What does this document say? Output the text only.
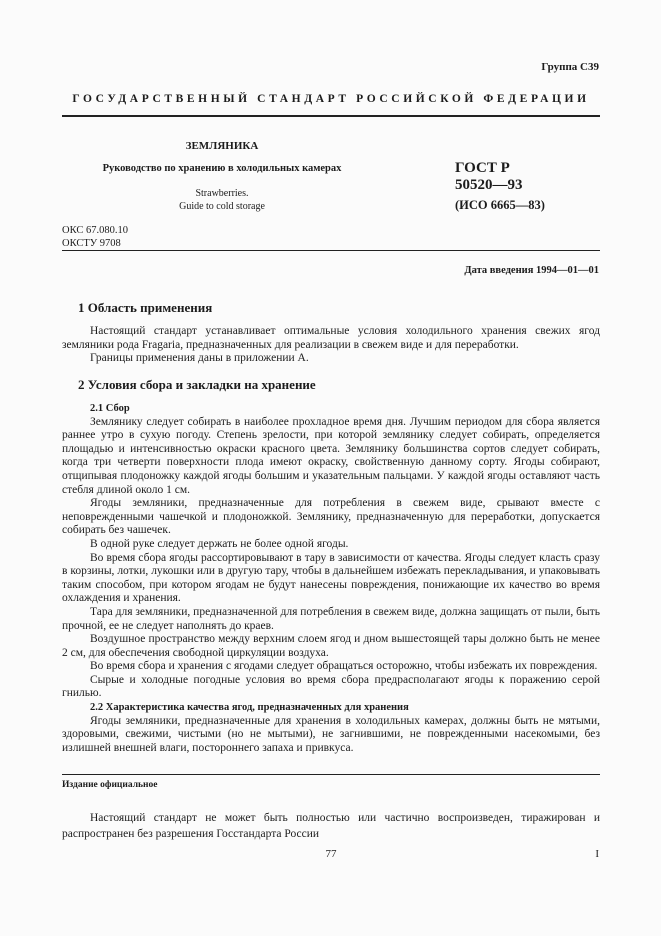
Группа С39
ГОСУДАРСТВЕННЫЙ СТАНДАРТ РОССИЙСКОЙ ФЕДЕРАЦИИ
ЗЕМЛЯНИКА
Руководство по хранению в холодильных камерах
Strawberries.
Guide to cold storage
ГОСТ Р
50520—93
(ИСО 6665—83)
ОКС 67.080.10
ОКСТУ 9708
Дата введения 1994—01—01
1 Область применения

Настоящий стандарт устанавливает оптимальные условия холодильного хранения свежих ягод земляники рода Fragaria, предназначенных для реализации в свежем виде и для переработки.

Границы применения даны в приложении А.

2 Условия сбора и закладки на хранение

2.1 Сбор

Землянику следует собирать в наиболее прохладное время дня. Лучшим периодом для сбора является раннее утро в сухую погоду. Степень зрелости, при которой землянику следует собирать, определяется площадью и интенсивностью окраски красного цвета. Землянику большинства сортов следует собирать, когда три четверти поверхности плода имеют окраску, свойственную данному сорту. Ягоды собирают, отщипывая плодоножку каждой ягоды большим и указательным пальцами. У каждой ягоды оставляют часть стебля длиной около 1 см.

Ягоды земляники, предназначенные для потребления в свежем виде, срывают вместе с неповрежденными чашечкой и плодоножкой. Землянику, предназначенную для переработки, допускается собирать без чашечек.

В одной руке следует держать не более одной ягоды.

Во время сбора ягоды рассортировывают в тару в зависимости от качества. Ягоды следует класть сразу в корзины, лотки, лукошки или в другую тару, чтобы в дальнейшем избежать перекладывания, и упаковывать таким способом, при котором ягодам не будут нанесены повреждения, понижающие их качество во время охлаждения и хранения.

Тара для земляники, предназначенной для потребления в свежем виде, должна защищать от пыли, быть прочной, ее не следует наполнять до краев.

Воздушное пространство между верхним слоем ягод и дном вышестоящей тары должно быть не менее 2 см, для обеспечения свободной циркуляции воздуха.

Во время сбора и хранения с ягодами следует обращаться осторожно, чтобы избежать их повреждения.

Сырые и холодные погодные условия во время сбора предрасполагают ягоды к поражению серой гнилью.

2.2 Характеристика качества ягод, предназначенных для хранения

Ягоды земляники, предназначенные для хранения в холодильных камерах, должны быть не мятыми, здоровыми, свежими, чистыми (но не мытыми), не загнившими, не поврежденными насекомыми, без излишней внешней влаги, постороннего запаха и привкуса.

Издание официальное

Настоящий стандарт не может быть полностью или частично воспроизведен, тиражирован и распространен без разрешения Госстандарта России

77	I
